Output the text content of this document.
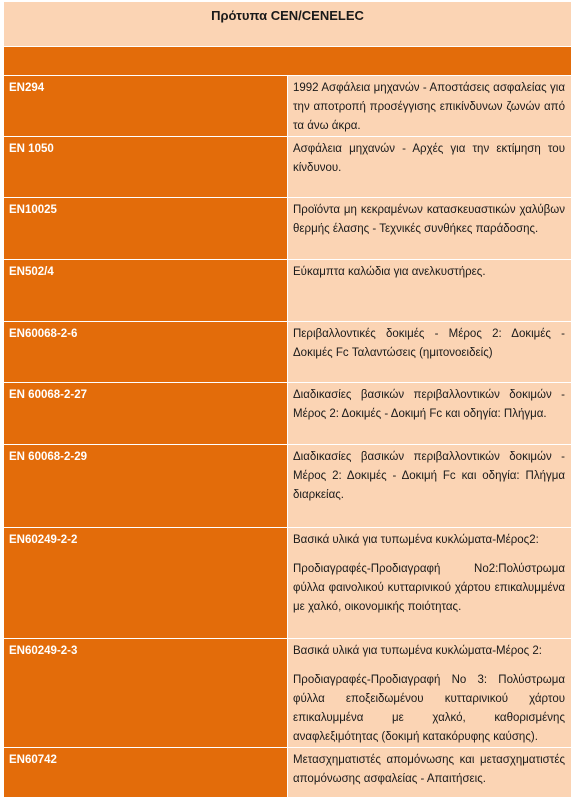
Πρότυπα CEN/CENELEC	

EN294	1992 Ασφάλεια μηχανών - Αποστάσεις ασφαλείας για την αποτροπή προσέγγισης επικίνδυνων ζωνών από τα άνω άκρα.

EN 1050	Ασφάλεια μηχανών - Αρχές για την εκτίμηση του κίνδυνου.

EN10025	Προϊόντα μη κεκραμένων κατασκευαστικών χαλύβων θερμής έλασης - Τεχνικές συνθήκες παράδοσης.

EN502/4	Εύκαμπτα καλώδια για ανελκυστήρες.

EN60068-2-6	Περιβαλλοντικές δοκιμές - Μέρος 2: Δοκιμές - Δοκιμές Fc Ταλαντώσεις (ημιτονοειδείς)

EN 60068-2-27	Διαδικασίες βασικών περιβαλλοντικών δοκιμών - Μέρος 2: Δοκιμές - Δοκιμή Fc και οδηγία: Πλήγμα.

EN 60068-2-29	Διαδικασίες βασικών περιβαλλοντικών δοκιμών - Μέρος 2: Δοκιμές - Δοκιμή Fc και οδηγία: Πλήγμα διαρκείας.

EN60249-2-2	Βασικά υλικά για τυπωμένα κυκλώματα-Μέρος2:

Προδιαγραφές-Προδιαγραφή No2:Πολύστρωμα φύλλα φαινολικού κυτταρινικού χάρτου επικαλυμμένα με χαλκό, οικονομικής ποιότητας.

EN60249-2-3	Βασικά υλικά για τυπωμένα κυκλώματα-Μέρος 2:

Προδιαγραφές-Προδιαγραφή No 3: Πολύστρωμα φύλλα εποξειδωμένου κυτταρινικού χάρτου επικαλυμμένα με χαλκό, καθορισμένης αναφλεξιμότητας (δοκιμή κατακόρυφης καύσης).

EN60742	Μετασχηματιστές απομόνωσης και μετασχηματιστές απομόνωσης ασφαλείας - Απαιτήσεις.
